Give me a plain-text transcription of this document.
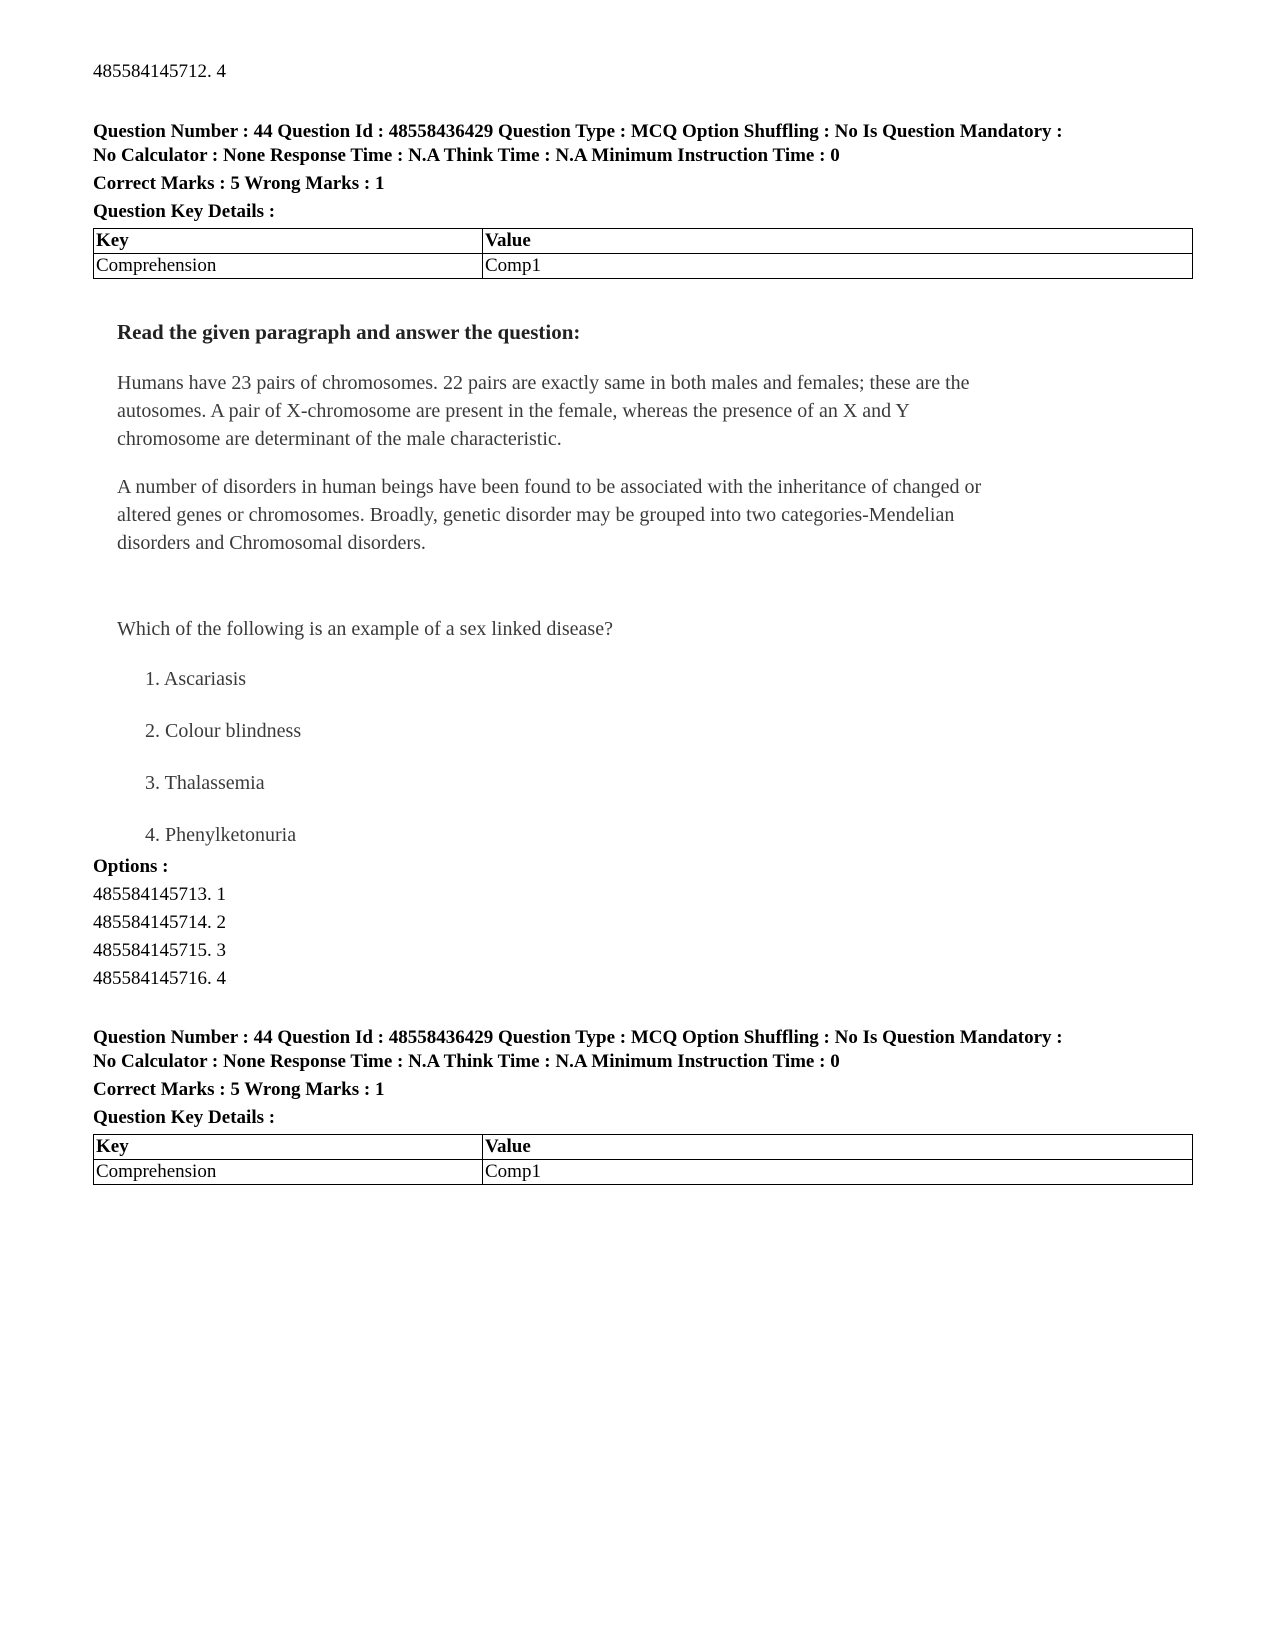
485584145712. 4
Question Number : 44 Question Id : 48558436429 Question Type : MCQ Option Shuffling : No Is Question Mandatory :
No Calculator : None Response Time : N.A Think Time : N.A Minimum Instruction Time : 0
Correct Marks : 5 Wrong Marks : 1
Question Key Details :
Key	Value
Comprehension	Comp1
Read the given paragraph and answer the question:

Humans have 23 pairs of chromosomes. 22 pairs are exactly same in both males and females; these are the

autosomes. A pair of X-chromosome are present in the female, whereas the presence of an X and Y

chromosome are determinant of the male characteristic.

A number of disorders in human beings have been found to be associated with the inheritance of changed or

altered genes or chromosomes. Broadly, genetic disorder may be grouped into two categories-Mendelian

disorders and Chromosomal disorders.

Which of the following is an example of a sex linked disease?

1. Ascariasis
2. Colour blindness
3. Thalassemia
4. Phenylketonuria
Options :
485584145713. 1
485584145714. 2
485584145715. 3
485584145716. 4
Question Number : 44 Question Id : 48558436429 Question Type : MCQ Option Shuffling : No Is Question Mandatory :
No Calculator : None Response Time : N.A Think Time : N.A Minimum Instruction Time : 0
Correct Marks : 5 Wrong Marks : 1
Question Key Details :
Key	Value
Comprehension	Comp1
